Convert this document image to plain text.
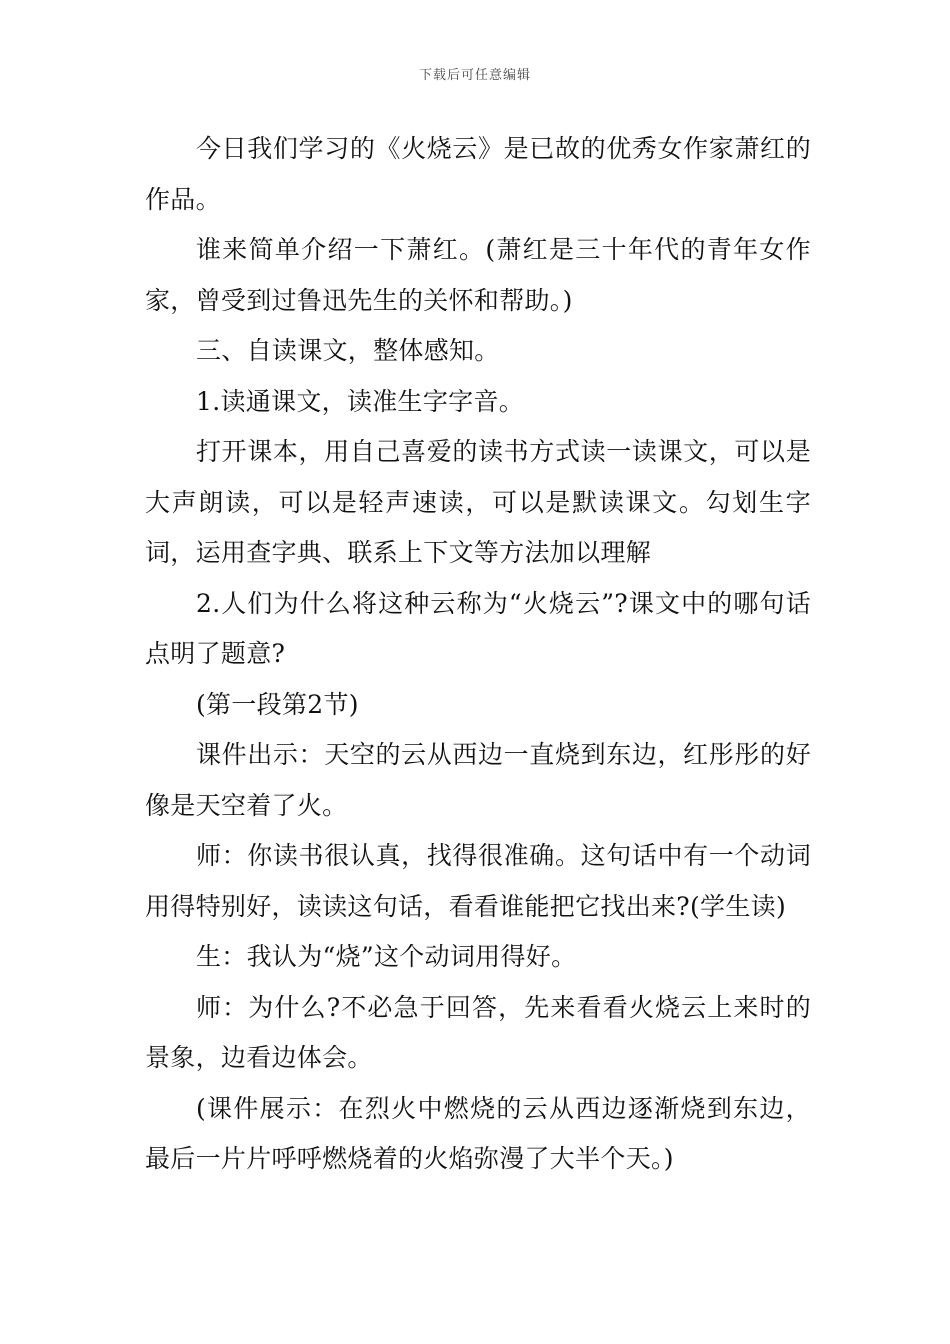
下载后可任意编辑

今日我们学习的《火烧云》是已故的优秀女作家萧红的作品。

谁来简单介绍一下萧红。(萧红是三十年代的青年女作家，曾受到过鲁迅先生的关怀和帮助。)

三、自读课文，整体感知。

1.读通课文，读准生字字音。

打开课本，用自己喜爱的读书方式读一读课文，可以是大声朗读，可以是轻声速读，可以是默读课文。勾划生字词，运用查字典、联系上下文等方法加以理解

2.人们为什么将这种云称为“火烧云”?课文中的哪句话点明了题意?

(第一段第2节)

课件出示：天空的云从西边一直烧到东边，红彤彤的好像是天空着了火。

师：你读书很认真，找得很准确。这句话中有一个动词用得特别好，读读这句话，看看谁能把它找出来?(学生读)

生：我认为“烧”这个动词用得好。

师：为什么?不必急于回答，先来看看火烧云上来时的景象，边看边体会。

(课件展示：在烈火中燃烧的云从西边逐渐烧到东边，最后一片片呼呼燃烧着的火焰弥漫了大半个天。)
